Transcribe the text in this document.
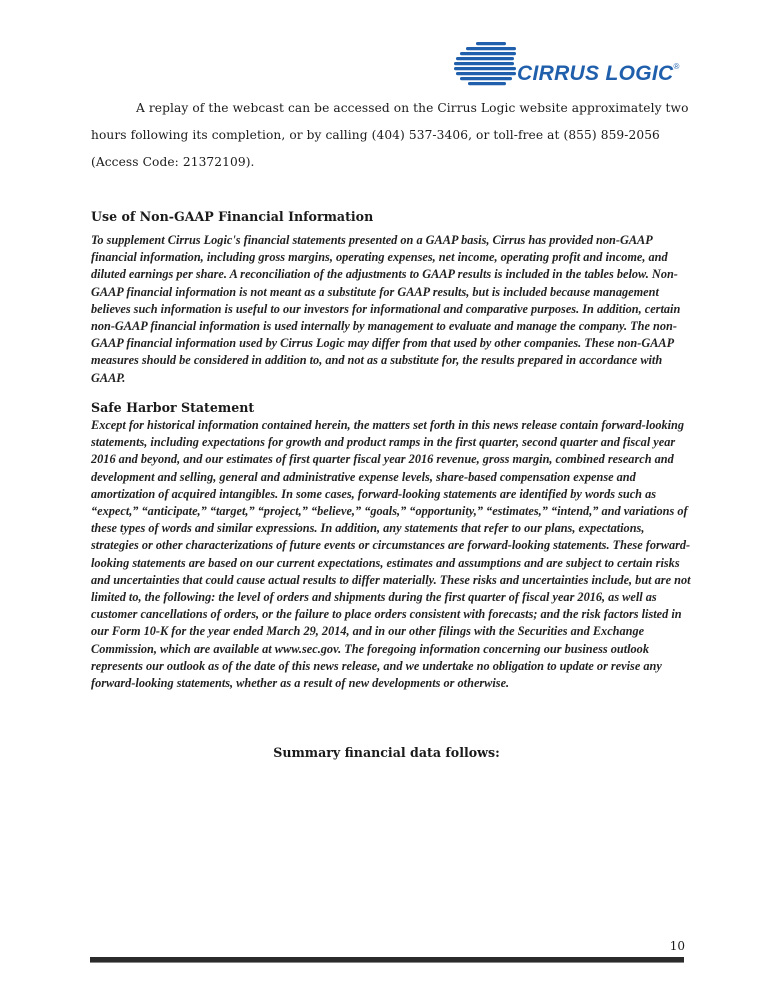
CIRRUS LOGIC®

A replay of the webcast can be accessed on the Cirrus Logic website approximately two hours following its completion, or by calling (404) 537-3406, or toll-free at (855) 859-2056 (Access Code: 21372109).

Use of Non-GAAP Financial Information

To supplement Cirrus Logic's financial statements presented on a GAAP basis, Cirrus has provided non-GAAP financial information, including gross margins, operating expenses, net income, operating profit and income, and diluted earnings per share. A reconciliation of the adjustments to GAAP results is included in the tables below. Non-GAAP financial information is not meant as a substitute for GAAP results, but is included because management believes such information is useful to our investors for informational and comparative purposes. In addition, certain non-GAAP financial information is used internally by management to evaluate and manage the company. The non-GAAP financial information used by Cirrus Logic may differ from that used by other companies. These non-GAAP measures should be considered in addition to, and not as a substitute for, the results prepared in accordance with GAAP.

Safe Harbor Statement

Except for historical information contained herein, the matters set forth in this news release contain forward-looking statements, including expectations for growth and product ramps in the first quarter, second quarter and fiscal year 2016 and beyond, and our estimates of first quarter fiscal year 2016 revenue, gross margin, combined research and development and selling, general and administrative expense levels, share-based compensation expense and amortization of acquired intangibles. In some cases, forward-looking statements are identified by words such as “expect,” “anticipate,” “target,” “project,” “believe,” “goals,” “opportunity,” “estimates,” “intend,” and variations of these types of words and similar expressions. In addition, any statements that refer to our plans, expectations, strategies or other characterizations of future events or circumstances are forward-looking statements. These forward-looking statements are based on our current expectations, estimates and assumptions and are subject to certain risks and uncertainties that could cause actual results to differ materially. These risks and uncertainties include, but are not limited to, the following: the level of orders and shipments during the first quarter of fiscal year 2016, as well as customer cancellations of orders, or the failure to place orders consistent with forecasts; and the risk factors listed in our Form 10-K for the year ended March 29, 2014, and in our other filings with the Securities and Exchange Commission, which are available at www.sec.gov. The foregoing information concerning our business outlook represents our outlook as of the date of this news release, and we undertake no obligation to update or revise any forward-looking statements, whether as a result of new developments or otherwise.

Summary financial data follows:
10
